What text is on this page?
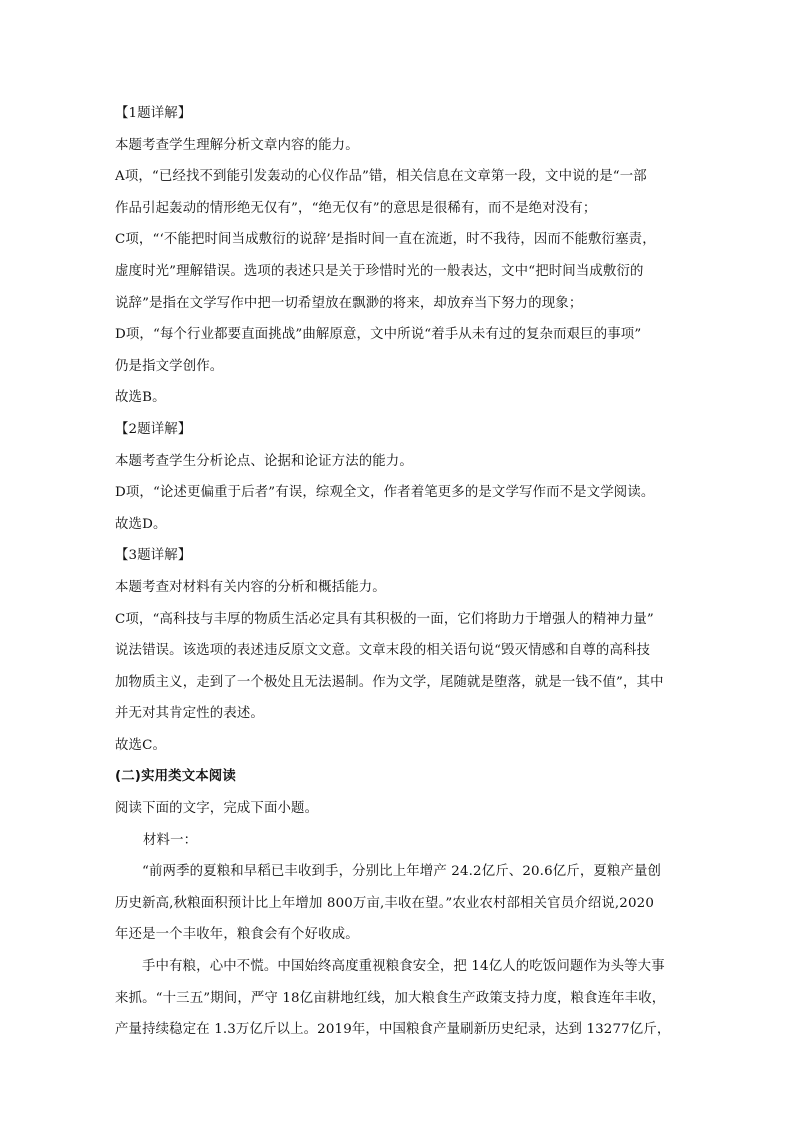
【1题详解】

本题考查学生理解分析文章内容的能力。

A项，“已经找不到能引发轰动的心仪作品”错，相关信息在文章第一段，文中说的是“一部

作品引起轰动的情形绝无仅有”，“绝无仅有”的意思是很稀有，而不是绝对没有；

C项，“‘不能把时间当成敷衍的说辞’是指时间一直在流逝，时不我待，因而不能敷衍塞责，

虚度时光”理解错误。选项的表述只是关于珍惜时光的一般表达，文中“把时间当成敷衍的

说辞”是指在文学写作中把一切希望放在飘渺的将来，却放弃当下努力的现象；

D项，“每个行业都要直面挑战”曲解原意，文中所说“着手从未有过的复杂而艰巨的事项”

仍是指文学创作。

故选B。

【2题详解】

本题考查学生分析论点、论据和论证方法的能力。

D项，“论述更偏重于后者”有误，综观全文，作者着笔更多的是文学写作而不是文学阅读。

故选D。

【3题详解】

本题考查对材料有关内容的分析和概括能力。

C项，“高科技与丰厚的物质生活必定具有其积极的一面，它们将助力于增强人的精神力量”

说法错误。该选项的表述违反原文文意。文章末段的相关语句说“毁灭情感和自尊的高科技

加物质主义，走到了一个极处且无法遏制。作为文学，尾随就是堕落，就是一钱不值”，其中

并无对其肯定性的表述。

故选C。

(二)实用类文本阅读

阅读下面的文字，完成下面小题。

材料一：

“前两季的夏粮和早稻已丰收到手，分别比上年增产 24.2亿斤、20.6亿斤，夏粮产量创

历史新高,秋粮面积预计比上年增加 800万亩,丰收在望。”农业农村部相关官员介绍说,2020

年还是一个丰收年，粮食会有个好收成。

手中有粮，心中不慌。中国始终高度重视粮食安全，把 14亿人的吃饭问题作为头等大事

来抓。“十三五”期间，严守 18亿亩耕地红线，加大粮食生产政策支持力度，粮食连年丰收，

产量持续稳定在 1.3万亿斤以上。2019年，中国粮食产量刷新历史纪录，达到 13277亿斤，
